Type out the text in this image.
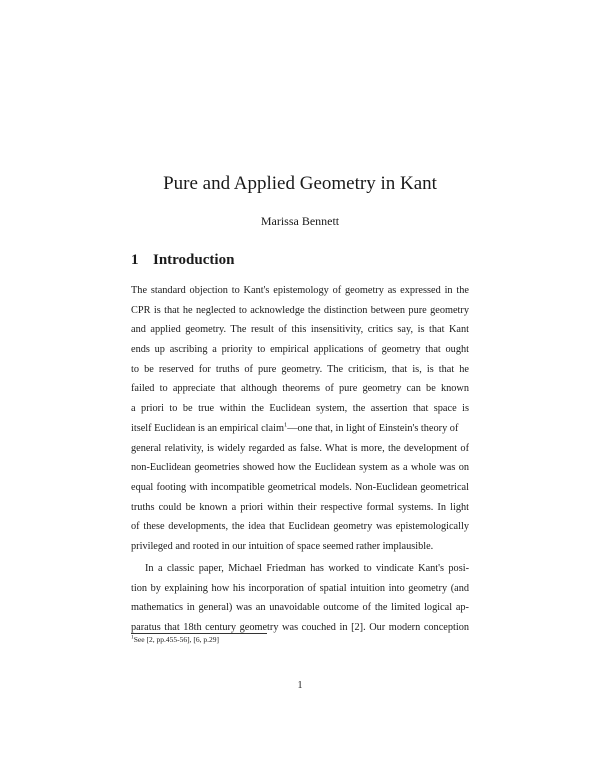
Pure and Applied Geometry in Kant
Marissa Bennett
1 Introduction
The standard objection to Kant's epistemology of geometry as expressed in the
CPR is that he neglected to acknowledge the distinction between pure geometry
and applied geometry. The result of this insensitivity, critics say, is that Kant
ends up ascribing a priority to empirical applications of geometry that ought
to be reserved for truths of pure geometry. The criticism, that is, is that he
failed to appreciate that although theorems of pure geometry can be known
a priori to be true within the Euclidean system, the assertion that space is
itself Euclidean is an empirical claim$^1$—one that, in light of Einstein's theory of
general relativity, is widely regarded as false. What is more, the development of
non-Euclidean geometries showed how the Euclidean system as a whole was on
equal footing with incompatible geometrical models. Non-Euclidean geometrical
truths could be known a priori within their respective formal systems. In light
of these developments, the idea that Euclidean geometry was epistemologically
privileged and rooted in our intuition of space seemed rather implausible.
In a classic paper, Michael Friedman has worked to vindicate Kant's posi-
tion by explaining how his incorporation of spatial intuition into geometry (and
mathematics in general) was an unavoidable outcome of the limited logical ap-
paratus that 18th century geometry was couched in [2]. Our modern conception
$^1$See [2, pp.455-56], [6, p.29]
1
